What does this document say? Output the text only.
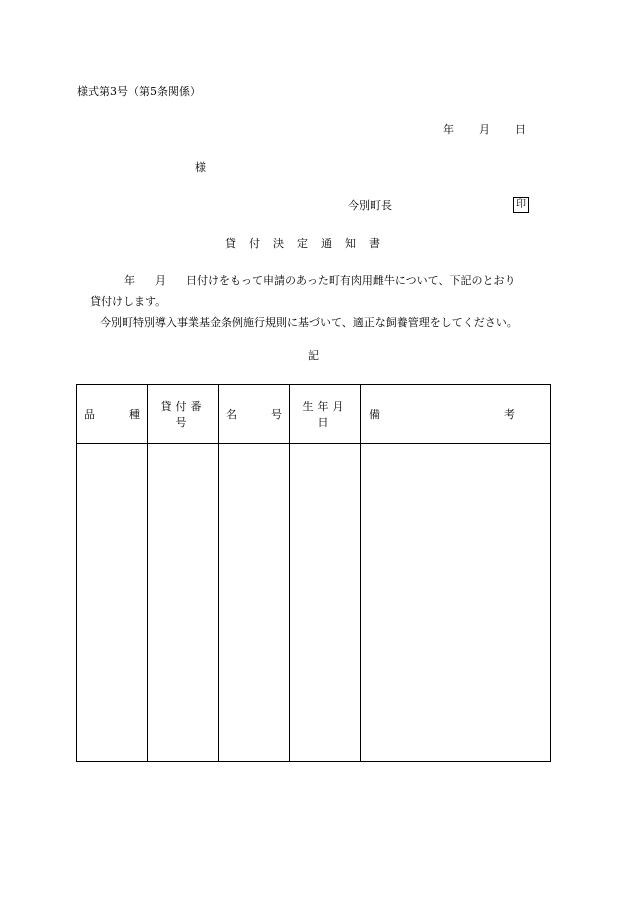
様式第3号（第5条関係）
年 月 日
様
今別町長	印
貸付決定通知書
年 月 日付けをもって申請のあった町有肉用雌牛について、下記のとおり
貸付けします。
今別町特別導入事業基金条例施行規則に基づいて、適正な飼養管理をしてください。
記
品 種	貸付番号	名 号	生年月日	備 考
